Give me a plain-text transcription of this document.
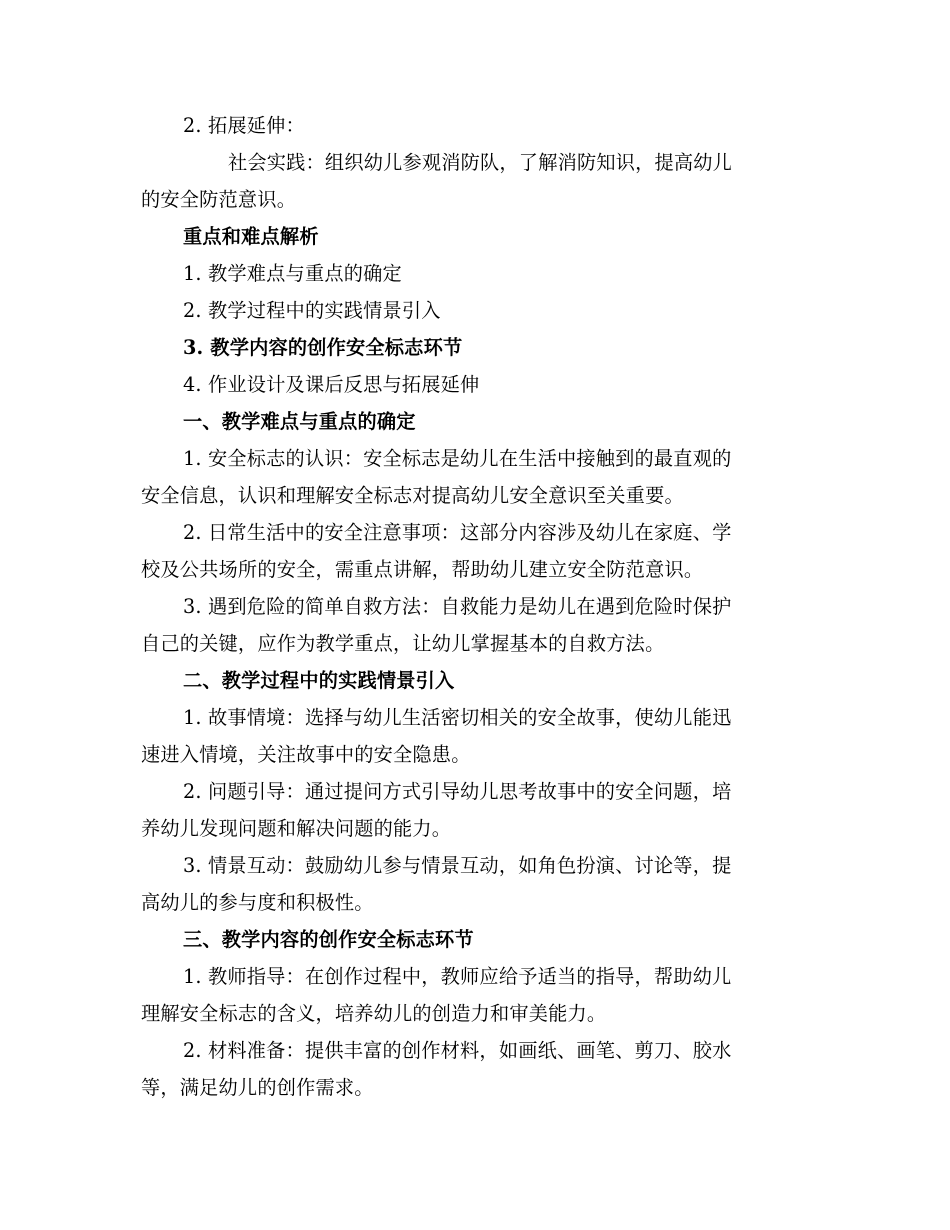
2. 拓展延伸：
社会实践：组织幼儿参观消防队，了解消防知识，提高幼儿
的安全防范意识。
重点和难点解析
1. 教学难点与重点的确定
2. 教学过程中的实践情景引入
3. 教学内容的创作安全标志环节
4. 作业设计及课后反思与拓展延伸
一、教学难点与重点的确定
1. 安全标志的认识：安全标志是幼儿在生活中接触到的最直观的
安全信息，认识和理解安全标志对提高幼儿安全意识至关重要。
2. 日常生活中的安全注意事项：这部分内容涉及幼儿在家庭、学
校及公共场所的安全，需重点讲解，帮助幼儿建立安全防范意识。
3. 遇到危险的简单自救方法：自救能力是幼儿在遇到危险时保护
自己的关键，应作为教学重点，让幼儿掌握基本的自救方法。
二、教学过程中的实践情景引入
1. 故事情境：选择与幼儿生活密切相关的安全故事，使幼儿能迅
速进入情境，关注故事中的安全隐患。
2. 问题引导：通过提问方式引导幼儿思考故事中的安全问题，培
养幼儿发现问题和解决问题的能力。
3. 情景互动：鼓励幼儿参与情景互动，如角色扮演、讨论等，提
高幼儿的参与度和积极性。
三、教学内容的创作安全标志环节
1. 教师指导：在创作过程中，教师应给予适当的指导，帮助幼儿
理解安全标志的含义，培养幼儿的创造力和审美能力。
2. 材料准备：提供丰富的创作材料，如画纸、画笔、剪刀、胶水
等，满足幼儿的创作需求。
